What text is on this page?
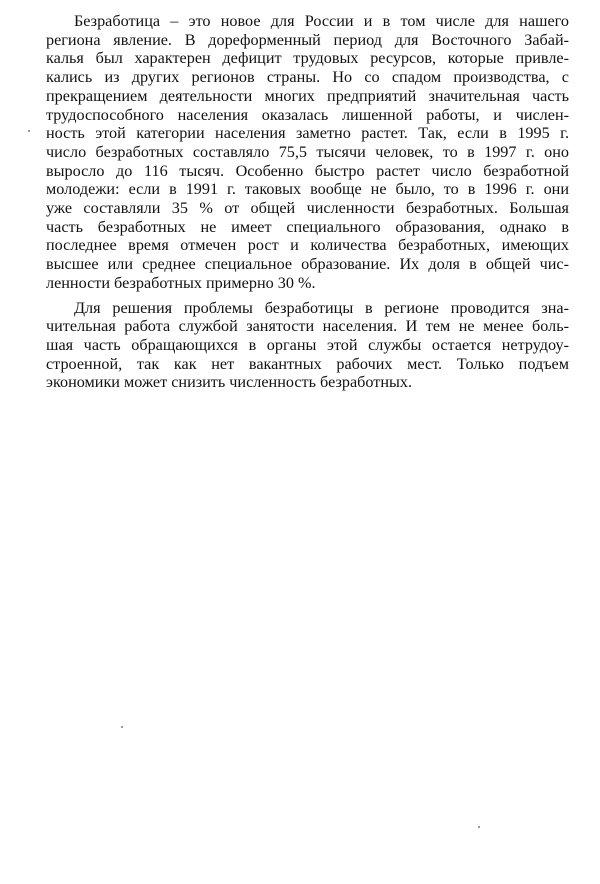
Безработица – это новое для России и в том числе для нашего
региона явление. В дореформенный период для Восточного Забай-
калья был характерен дефицит трудовых ресурсов, которые привле-
кались из других регионов страны. Но со спадом производства, с
прекращением деятельности многих предприятий значительная часть
трудоспособного населения оказалась лишенной работы, и числен-
ность этой категории населения заметно растет. Так, если в 1995 г.
число безработных составляло 75,5 тысячи человек, то в 1997 г. оно
выросло до 116 тысяч. Особенно быстро растет число безработной
молодежи: если в 1991 г. таковых вообще не было, то в 1996 г. они
уже составляли 35 % от общей численности безработных. Большая
часть безработных не имеет специального образования, однако в
последнее время отмечен рост и количества безработных, имеющих
высшее или среднее специальное образование. Их доля в общей чис-
ленности безработных примерно 30 %.

Для решения проблемы безработицы в регионе проводится зна-
чительная работа службой занятости населения. И тем не менее боль-
шая часть обращающихся в органы этой службы остается нетрудоу-
строенной, так как нет вакантных рабочих мест. Только подъем
экономики может снизить численность безработных.
